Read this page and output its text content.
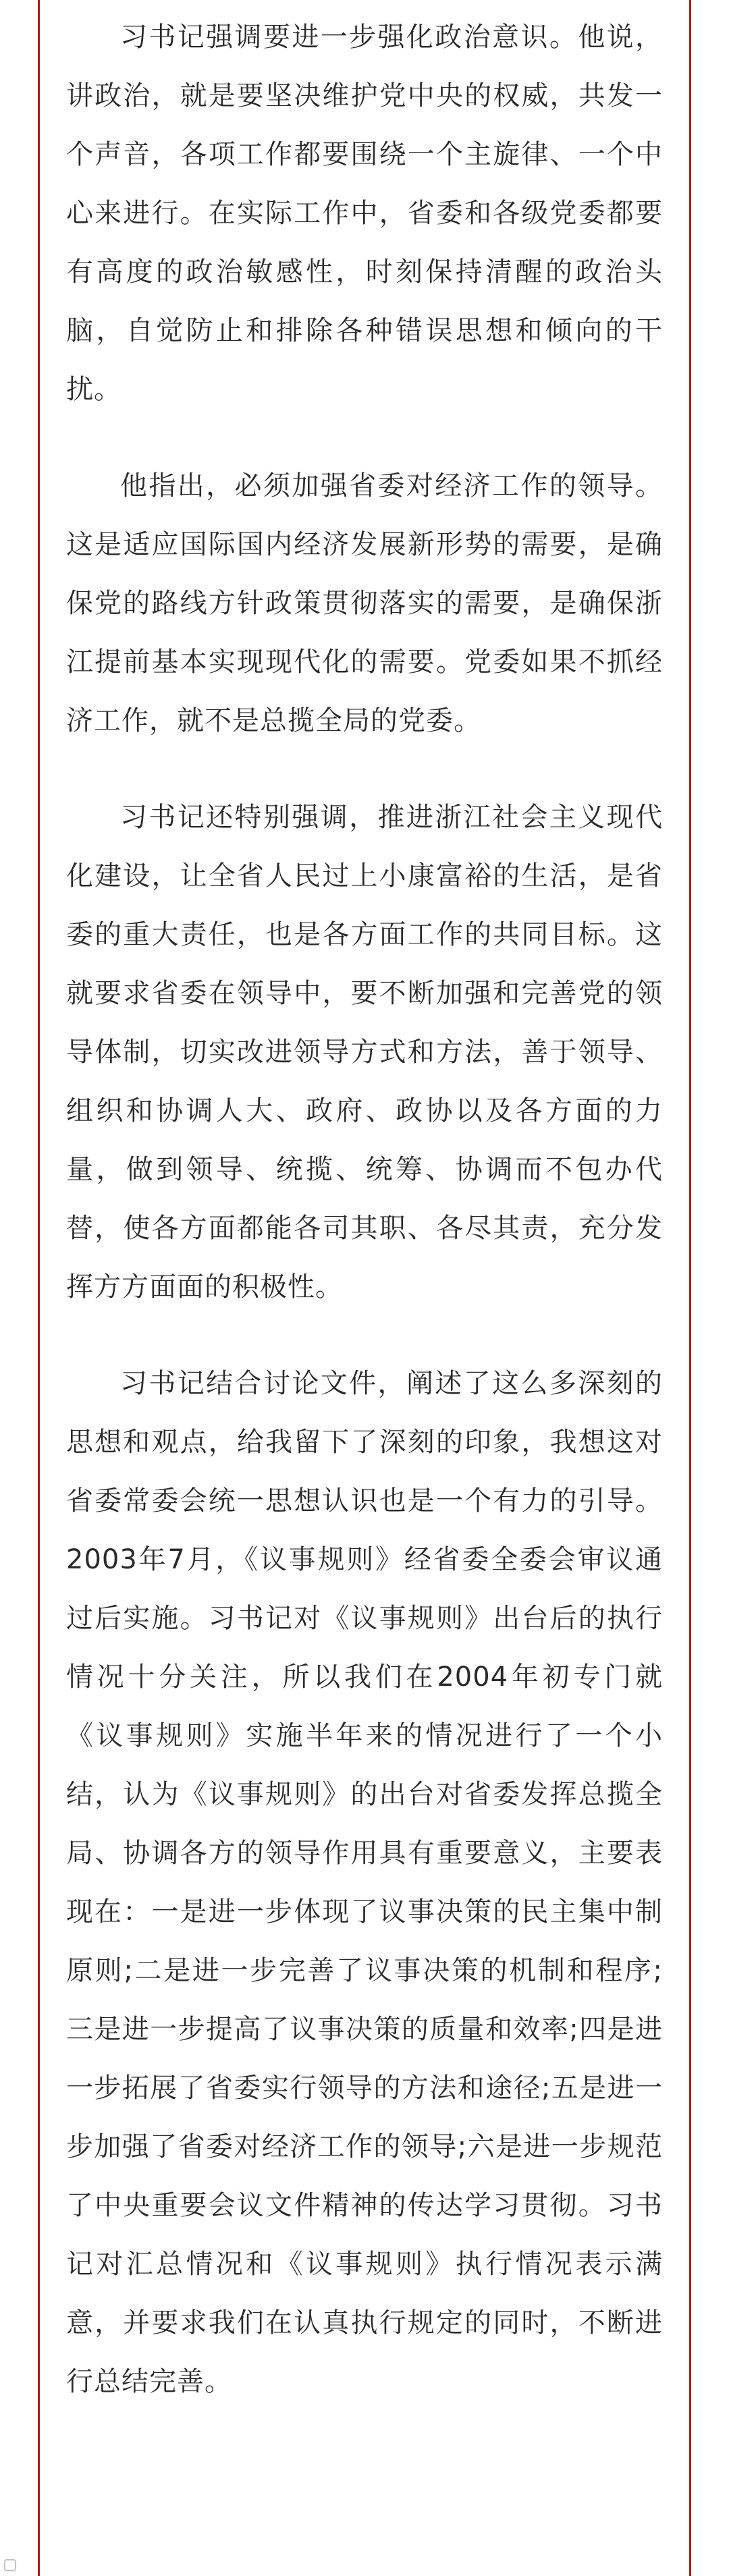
习书记强调要进一步强化政治意识。他说，讲政治，就是要坚决维护党中央的权威，共发一个声音，各项工作都要围绕一个主旋律、一个中心来进行。在实际工作中，省委和各级党委都要有高度的政治敏感性，时刻保持清醒的政治头脑，自觉防止和排除各种错误思想和倾向的干扰。

他指出，必须加强省委对经济工作的领导。这是适应国际国内经济发展新形势的需要，是确保党的路线方针政策贯彻落实的需要，是确保浙江提前基本实现现代化的需要。党委如果不抓经济工作，就不是总揽全局的党委。

习书记还特别强调，推进浙江社会主义现代化建设，让全省人民过上小康富裕的生活，是省委的重大责任，也是各方面工作的共同目标。这就要求省委在领导中，要不断加强和完善党的领导体制，切实改进领导方式和方法，善于领导、组织和协调人大、政府、政协以及各方面的力量，做到领导、统揽、统筹、协调而不包办代替，使各方面都能各司其职、各尽其责，充分发挥方方面面的积极性。

习书记结合讨论文件，阐述了这么多深刻的思想和观点，给我留下了深刻的印象，我想这对省委常委会统一思想认识也是一个有力的引导。2003年7月，《议事规则》经省委全委会审议通过后实施。习书记对《议事规则》出台后的执行情况十分关注，所以我们在2004年初专门就《议事规则》实施半年来的情况进行了一个小结，认为《议事规则》的出台对省委发挥总揽全局、协调各方的领导作用具有重要意义，主要表现在：一是进一步体现了议事决策的民主集中制原则;二是进一步完善了议事决策的机制和程序;三是进一步提高了议事决策的质量和效率;四是进一步拓展了省委实行领导的方法和途径;五是进一步加强了省委对经济工作的领导;六是进一步规范了中央重要会议文件精神的传达学习贯彻。习书记对汇总情况和《议事规则》执行情况表示满意，并要求我们在认真执行规定的同时，不断进行总结完善。
